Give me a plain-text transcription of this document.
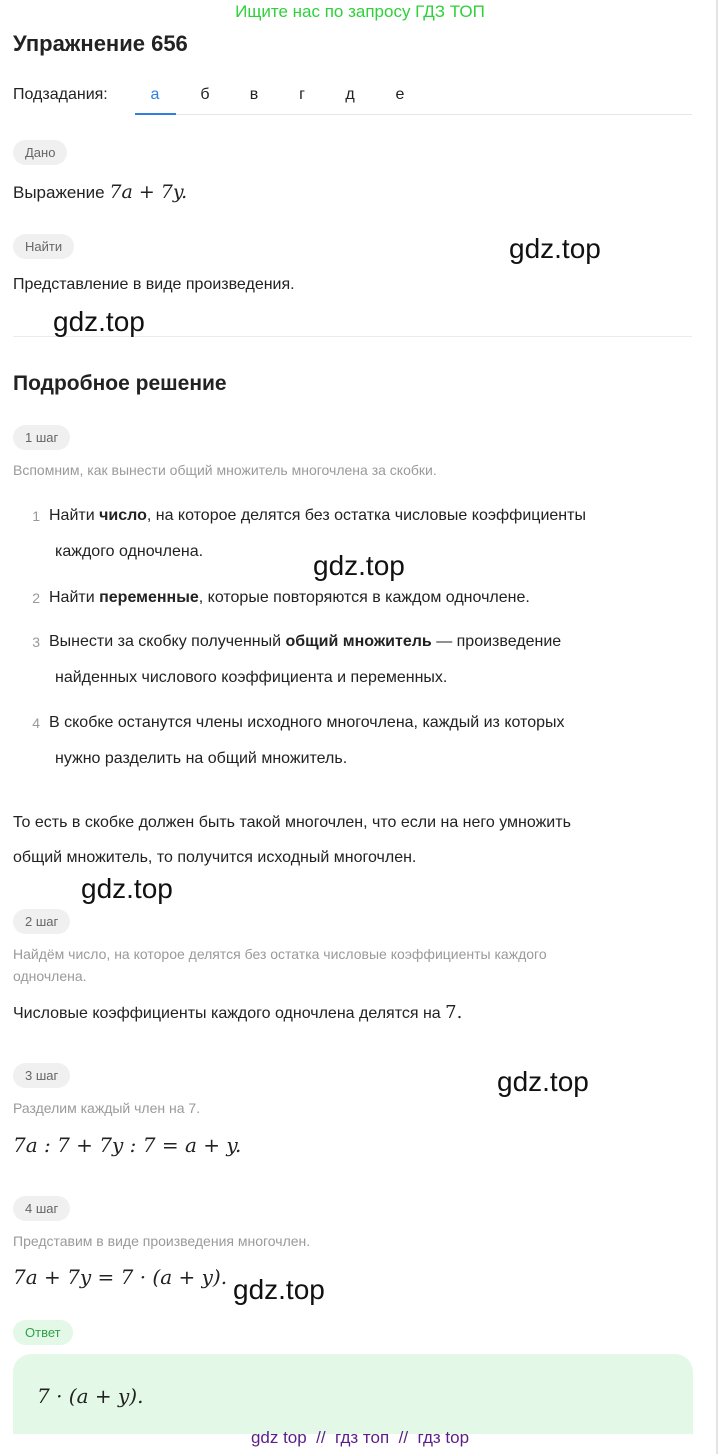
Ищите нас по запросу ГДЗ ТОП
Упражнение 656
Подзадания:	а	б	в	г	д	е
Дано
Выражение 7a + 7y.
Найти
Представление в виде произведения.
Подробное решение
1 шаг
Вспомним, как вынести общий множитель многочлена за скобки.
1 Найти число, на которое делятся без остатка числовые коэффициенты
каждого одночлена.
2 Найти переменные, которые повторяются в каждом одночлене.
3 Вынести за скобку полученный общий множитель — произведение
найденных числового коэффициента и переменных.
4 В скобке останутся члены исходного многочлена, каждый из которых
нужно разделить на общий множитель.
То есть в скобке должен быть такой многочлен, что если на него умножить
общий множитель, то получится исходный многочлен.
2 шаг
Найдём число, на которое делятся без остатка числовые коэффициенты каждого
одночлена.
Числовые коэффициенты каждого одночлена делятся на 7.
3 шаг
Разделим каждый член на 7.
7a : 7 + 7y : 7 = a + y.
4 шаг
Представим в виде произведения многочлен.
7a + 7y = 7 · (a + y).
Ответ
7 · (a + y).
gdz.top
gdz.top
gdz.top
gdz.top
gdz.top
gdz.top
gdz top  //  гдз топ  //  гдз top
